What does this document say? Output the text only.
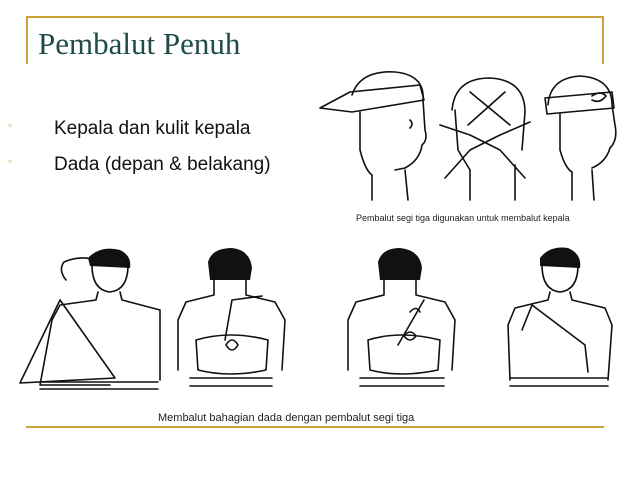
Pembalut Penuh
◦ Kepala dan kulit kepala
◦ Dada (depan & belakang)
Pembalut segi tiga digunakan untuk membalut kepala
Membalut bahagian dada dengan pembalut segi tiga
